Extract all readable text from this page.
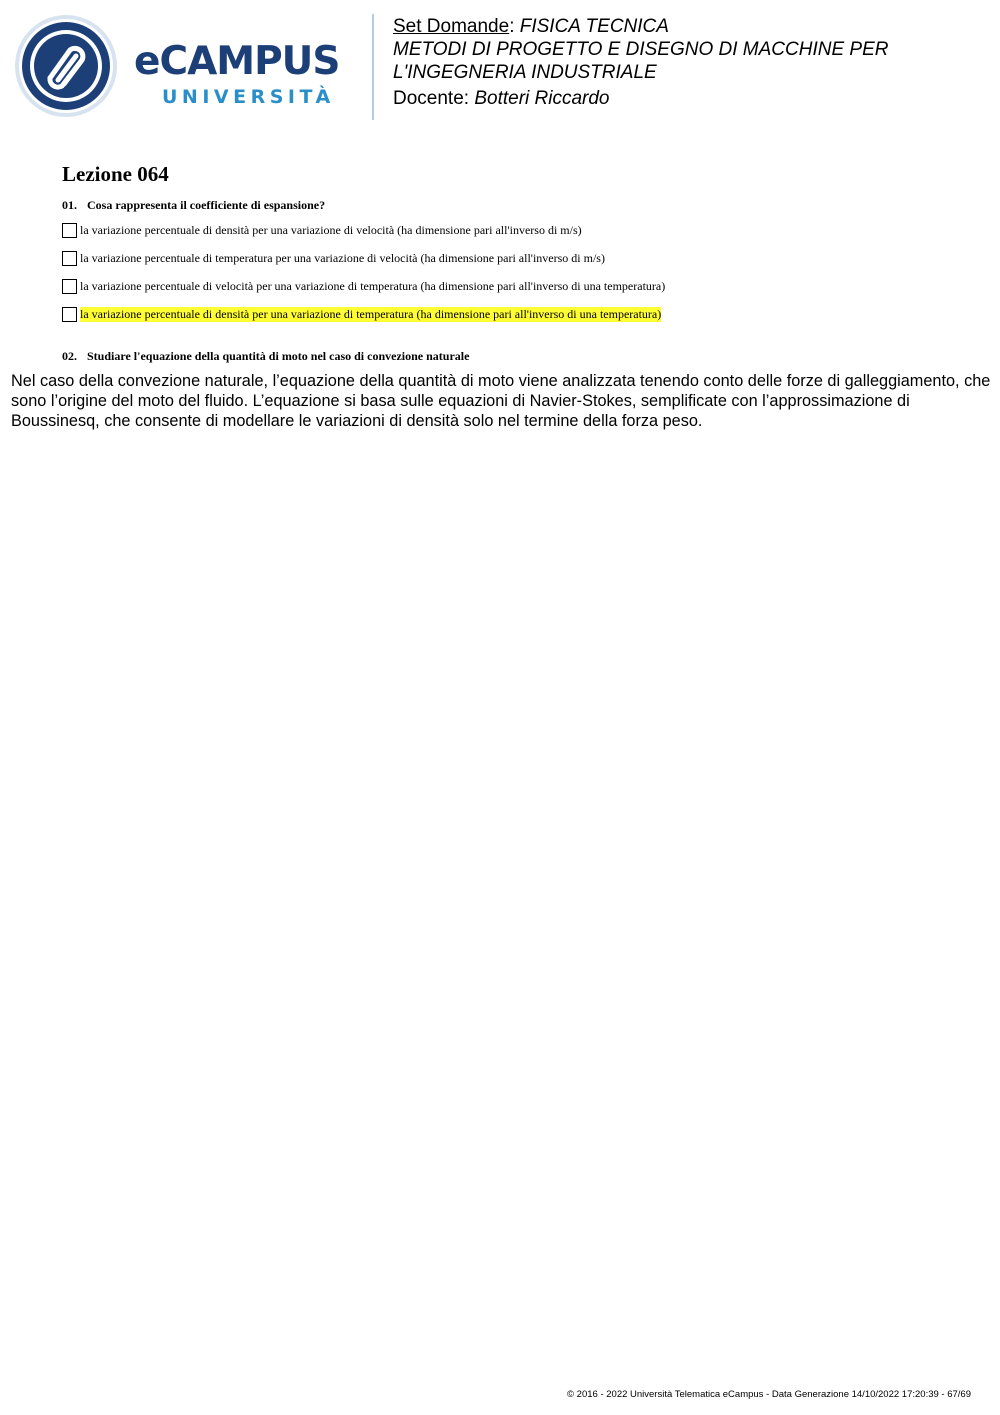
eCAMPUS
UNIVERSITÀ
Set Domande: FISICA TECNICA
METODI DI PROGETTO E DISEGNO DI MACCHINE PER
L'INGEGNERIA INDUSTRIALE
Docente: Botteri Riccardo
Lezione 064
01. Cosa rappresenta il coefficiente di espansione?
la variazione percentuale di densità per una variazione di velocità (ha dimensione pari all'inverso di m/s)
la variazione percentuale di temperatura per una variazione di velocità (ha dimensione pari all'inverso di m/s)
la variazione percentuale di velocità per una variazione di temperatura (ha dimensione pari all'inverso di una temperatura)
la variazione percentuale di densità per una variazione di temperatura (ha dimensione pari all'inverso di una temperatura)
02. Studiare l'equazione della quantità di moto nel caso di convezione naturale

Nel caso della convezione naturale, l’equazione della quantità di moto viene analizzata tenendo conto delle forze di galleggiamento, che sono l’origine del moto del fluido. L’equazione si basa sulle equazioni di Navier-Stokes, semplificate con l’approssimazione di Boussinesq, che consente di modellare le variazioni di densità solo nel termine della forza peso.

© 2016 - 2022 Università Telematica eCampus - Data Generazione 14/10/2022 17:20:39 - 67/69
